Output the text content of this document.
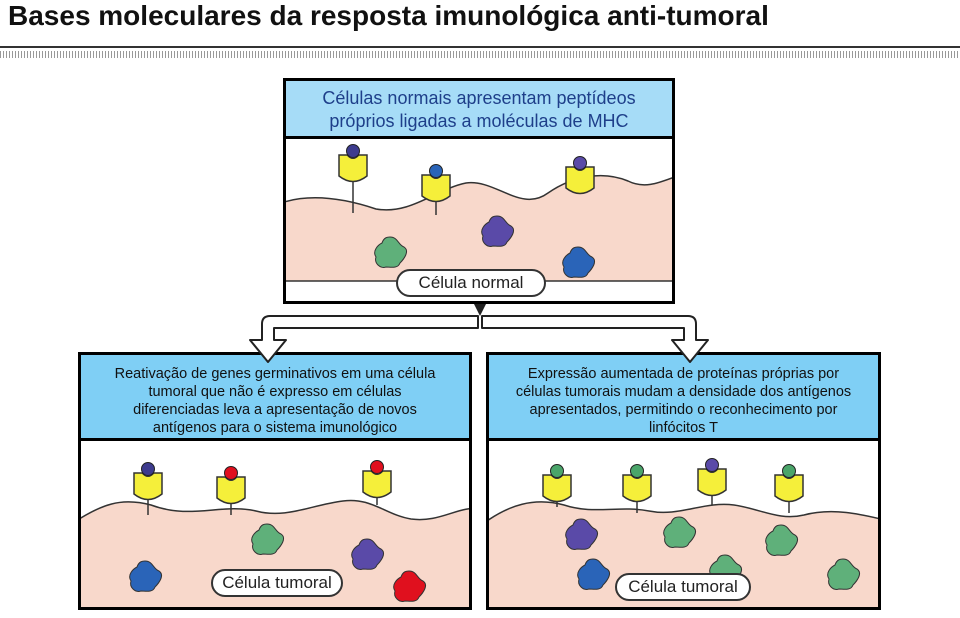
Bases moleculares da resposta imunológica anti-tumoral
Células normais apresentam peptídeos
próprios ligadas a moléculas de MHC
Célula normal
Reativação de genes germinativos em uma célula
tumoral que não é expresso em células
diferenciadas leva a apresentação de novos
antígenos para o sistema imunológico
Célula tumoral
Expressão aumentada de proteínas próprias por
células tumorais mudam a densidade dos antígenos
apresentados, permitindo o reconhecimento por
linfócitos T
Célula tumoral
